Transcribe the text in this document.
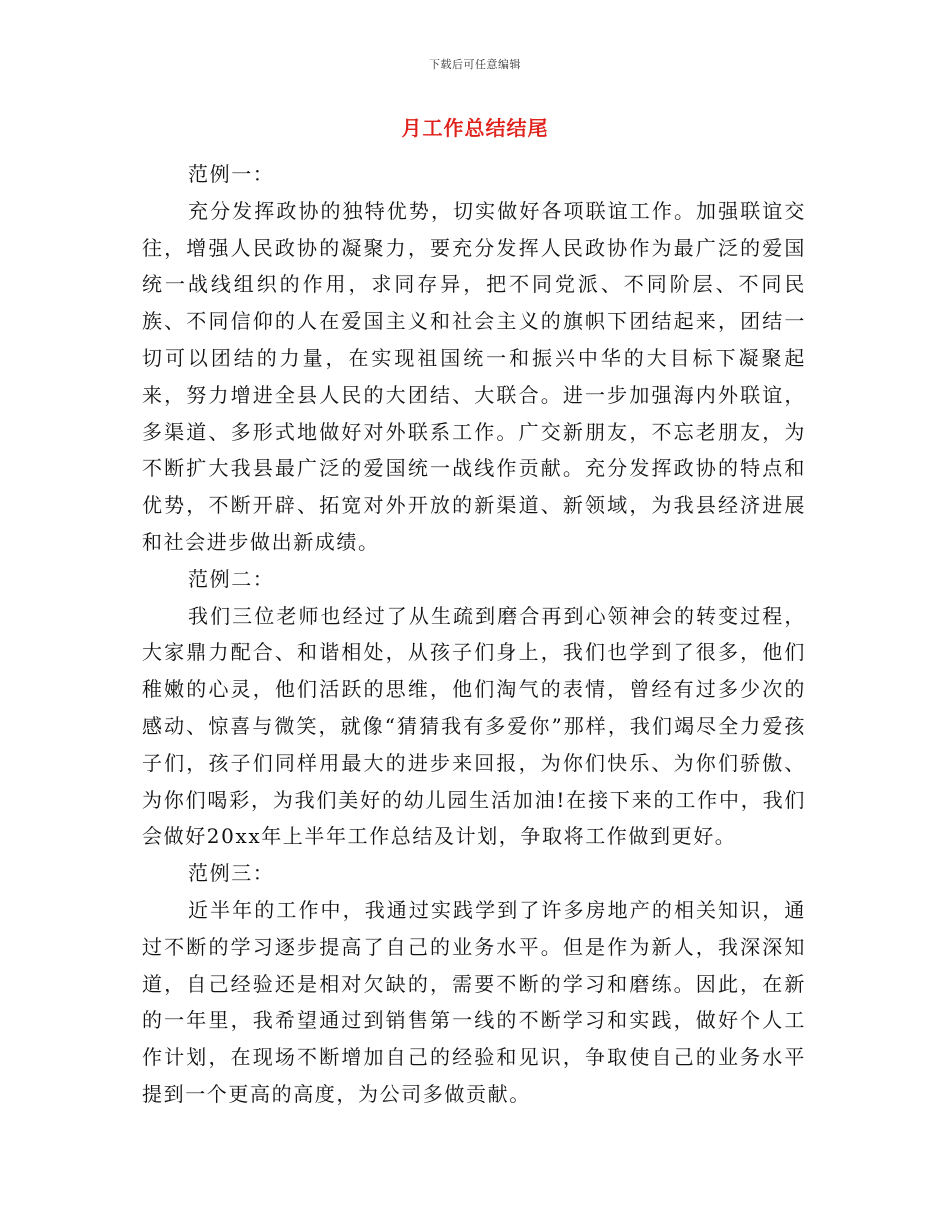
下载后可任意编辑
月工作总结结尾

范例一：

充分发挥政协的独特优势，切实做好各项联谊工作。加强联谊交往，增强人民政协的凝聚力，要充分发挥人民政协作为最广泛的爱国统一战线组织的作用，求同存异，把不同党派、不同阶层、不同民族、不同信仰的人在爱国主义和社会主义的旗帜下团结起来，团结一切可以团结的力量，在实现祖国统一和振兴中华的大目标下凝聚起来，努力增进全县人民的大团结、大联合。进一步加强海内外联谊，多渠道、多形式地做好对外联系工作。广交新朋友，不忘老朋友，为不断扩大我县最广泛的爱国统一战线作贡献。充分发挥政协的特点和优势，不断开辟、拓宽对外开放的新渠道、新领域，为我县经济进展和社会进步做出新成绩。

范例二：

我们三位老师也经过了从生疏到磨合再到心领神会的转变过程，大家鼎力配合、和谐相处，从孩子们身上，我们也学到了很多，他们稚嫩的心灵，他们活跃的思维，他们淘气的表情，曾经有过多少次的感动、惊喜与微笑，就像“猜猜我有多爱你”那样，我们竭尽全力爱孩子们，孩子们同样用最大的进步来回报，为你们快乐、为你们骄傲、为你们喝彩，为我们美好的幼儿园生活加油!在接下来的工作中，我们会做好20xx年上半年工作总结及计划，争取将工作做到更好。

范例三：

近半年的工作中，我通过实践学到了许多房地产的相关知识，通过不断的学习逐步提高了自己的业务水平。但是作为新人，我深深知道，自己经验还是相对欠缺的，需要不断的学习和磨练。因此，在新的一年里，我希望通过到销售第一线的不断学习和实践，做好个人工作计划，在现场不断增加自己的经验和见识，争取使自己的业务水平提到一个更高的高度，为公司多做贡献。
